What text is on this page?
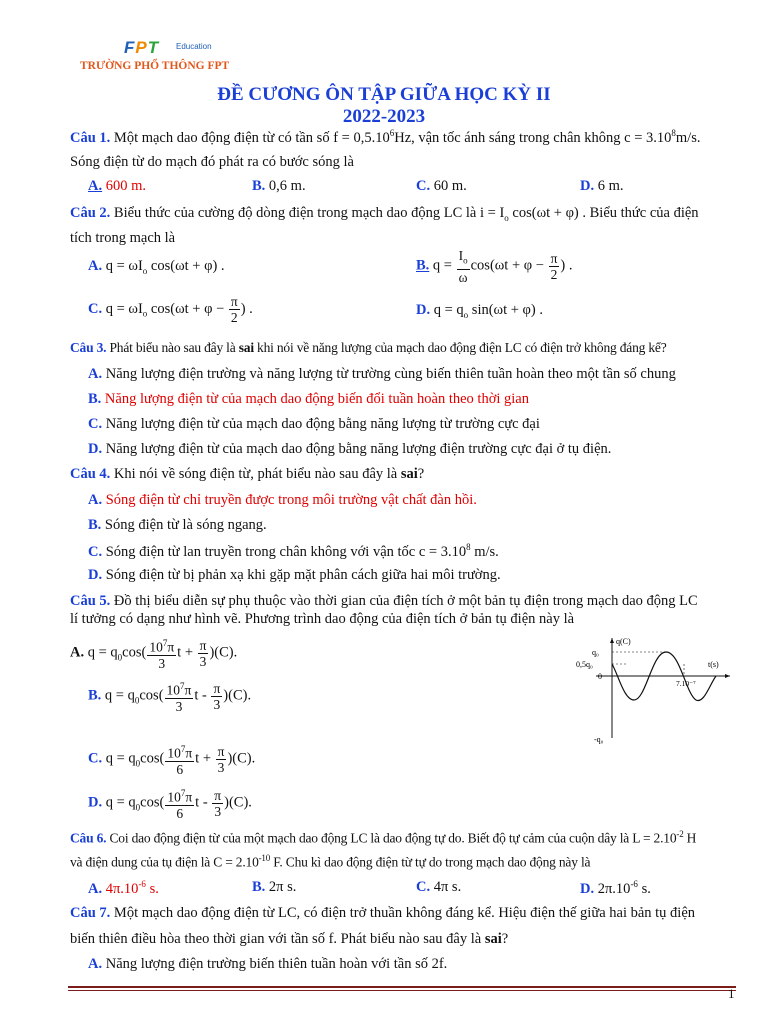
FPT Education
TRƯỜNG PHỔ THÔNG FPT
ĐỀ CƯƠNG ÔN TẬP GIỮA HỌC KỲ II
2022-2023
Câu 1. Một mạch dao động điện từ có tần số $f = 0,5.10^6Hz$, vận tốc ánh sáng trong chân không $c = 3.10^8m/s$.
Sóng điện từ do mạch đó phát ra có bước sóng là
A. 600 m.	B. 0,6 m.	C. 60 m.	D. 6 m.
Câu 2. Biểu thức của cường độ dòng điện trong mạch dao động LC là $i = I_o$ cos(ωt + φ) . Biểu thức của điện
tích trong mạch là
A. $q = \omega I_o$ cos(ωt + φ) .	B. $q = \frac{I_o}{\omega} \cos(\omega t + \varphi - \frac{\pi}{2}$ ) .
C. $q = \omega I_o$ $\cos(\omega t + \varphi - \frac{\pi}{2}$ ) .	D. $q = q_o$ sin(ωt + φ) .
Câu 3. Phát biểu nào sau đây là sai khi nói về năng lượng của mạch dao động điện LC có điện trở không đáng kể?
A. Năng lượng điện trường và năng lượng từ trường cùng biến thiên tuần hoàn theo một tần số chung
B. Năng lượng điện từ của mạch dao động biến đổi tuần hoàn theo thời gian
C. Năng lượng điện từ của mạch dao động bằng năng lượng từ trường cực đại
D. Năng lượng điện từ của mạch dao động bằng năng lượng điện trường cực đại ở tụ điện.
Câu 4. Khi nói về sóng điện từ, phát biểu nào sau đây là sai?
A. Sóng điện từ chỉ truyền được trong môi trường vật chất đàn hồi.
B. Sóng điện từ là sóng ngang.
C. Sóng điện từ lan truyền trong chân không với vận tốc $c = 3.10^8$ m/s.
D. Sóng điện từ bị phản xạ khi gặp mặt phân cách giữa hai môi trường.
Câu 5. Đồ thị biểu diễn sự phụ thuộc vào thời gian của điện tích ở một bản tụ điện trong mạch dao động LC
lí tưởng có dạng như hình vẽ. Phương trình dao động của điện tích ở bản tụ điện này là
A. $q = q_0\cos( \frac{10^7\pi}{3}$ $t + \frac{\pi}{3} )(C)$.
B. $q = q_0\cos( \frac{10^7\pi}{3}$ t - $\frac{\pi}{3} )(C)$.
C. $q = q_0\cos( \frac{10^7\pi}{6}$ $t + \frac{\pi}{3} )(C)$.
D. $q = q_0\cos( \frac{10^7\pi}{6}$ t - $\frac{\pi}{3} )(C)$.
q(C)
q₀
0,5q₀
0
t(s)
7.10⁻⁷
-q₀
Câu 6. Coi dao động điện từ của một mạch dao động LC là dao động tự do. Biết độ tự cảm của cuộn dây là $L = 2.10^{-2}$ H
và điện dung của tụ điện là $C = 2.10^{-10}$ F. Chu kì dao động điện từ tự do trong mạch dao động này là
A. $4\pi.10^{-6}$ s.	B. 2π s.	C. 4π s.	D. $2\pi.10^{-6}$ s.
Câu 7. Một mạch dao động điện từ LC, có điện trở thuần không đáng kể. Hiệu điện thế giữa hai bản tụ điện
biến thiên điều hòa theo thời gian với tần số f. Phát biểu nào sau đây là sai?
A. Năng lượng điện trường biến thiên tuần hoàn với tần số 2f.
1
